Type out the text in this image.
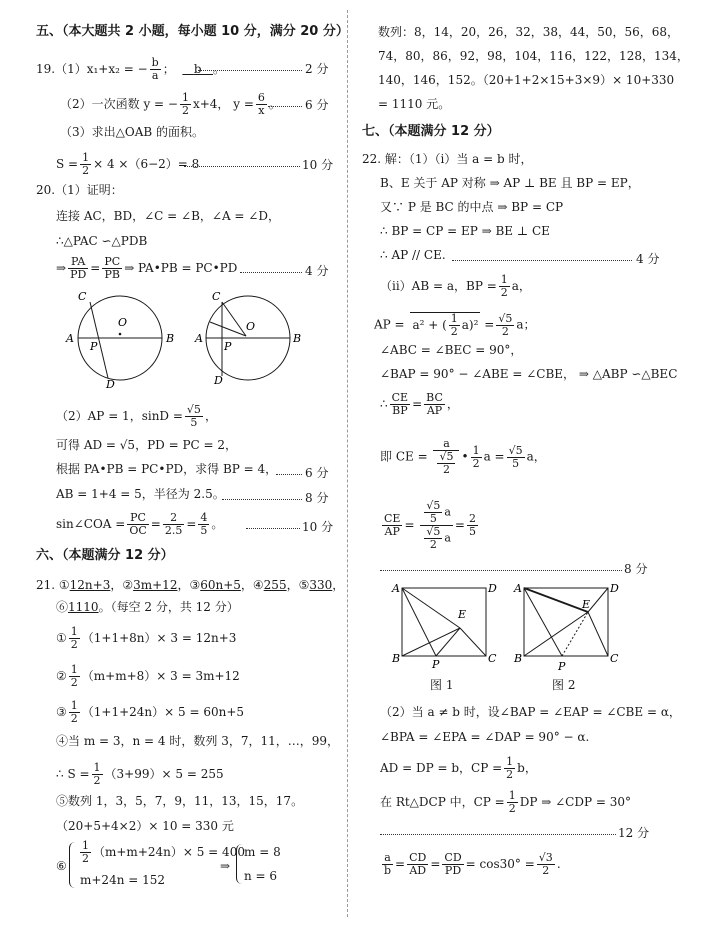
五、（本大题共 2 小题，每小题 10 分，满分 20 分）
19.（1）x₁+x₂ = − $\frac{b}{a}$ ； b 。	2 分
（2）一次函数 y = − $\frac{1}{2} x+4$， $y = \frac{6}{x}$ 。 6 分
（3）求出△OAB 的面积。
$S = \frac{1}{2} \times 4 \times(6-2)= 8$	10 分
20.（1）证明：
连接 AC，BD，∠C = ∠B，∠A = ∠D，
∴△PAC ∽△PDB
⇒ $\frac{PA}{PD} = \frac{PC}{PB}$ ⇒ PA•PB = PC•PD	4 分
C
A	B
D
O
P
C
A	B
D
O
P
（2）AP = 1，$\sin D = \frac{√5}{5}$ ，
可得 AD = √5，PD = PC = 2，
根据 PA•PB = PC•PD，求得 BP = 4， 6 分
AB = 1+4 = 5，半径为 2.5。	8 分
sin∠COA = $\frac{PC}{OC} = \frac{2}{2.5} = \frac{4}{5}$ 。	10 分
六、（本题满分 12 分）
21. ①12n+3，②3m+12，③60n+5，④255，⑤330，
⑥1110。（每空 2 分，共 12 分）
① $\frac{1}{2} (1+1+8n)\times 3 = 12n+3$
② $\frac{1}{2} (m+m+8)\times 3 = 3m+12$
③ $\frac{1}{2} (1+1+24n)\times 5 = 60n+5$
④当 m = 3，n = 4 时，数列 3，7，11，…，99，
∴ $S = \frac{1}{2} (3+99)\times 5 = 255$
⑤数列 1，3，5，7，9，11，13，15，17。
（20+5+4×2）× 10 = 330 元
⑥
$\frac{1}{2} (m+m+24n)\times 5 = 400$
m+24n = 152
⇒
m = 8
n = 6
数列：8，14，20，26，32，38，44，50，56，68，
74，80，86，92，98，104，116，122，128，134，
140，146，152。（20+1+2×15+3×9）× 10+330
= 1110 元。
七、（本题满分 12 分）
22. 解：（1）（i）当 a = b 时，
B、E 关于 AP 对称 ⇒ AP ⊥ BE 且 BP = EP，
又∵ P 是 BC 的中点 ⇒ BP = CP
∴ BP = CP = EP ⇒ BE ⊥ CE
∴ AP // CE.	4 分
（ii）AB = a，BP = $\frac{1}{2}$ a，
AP = a² + ( $\frac{1}{2} a)^2 = \frac{√5}{2}$ a；
∠ABC = ∠BEC = 90°，
∠BAP = 90° − ∠ABE = ∠CBE， ⇒ △ABP ∽△BEC
∴ $\frac{CE}{BP} = \frac{BC}{AP}$ ，
即 CE = $\frac{a}{\frac{√5}{2}}$ • $\frac{1}{2}$ $a = \frac{√5}{5}$ a，
$\frac{CE}{AP} = \frac{\frac{√5}{5} a}{\frac{√5}{2} a} = \frac{2}{5}$
8 分
A	D
B	C
E
P
A	D
B	C
E
P
图 1	图 2
（2）当 a ≠ b 时，设∠BAP = ∠EAP = ∠CBE = α，
∠BPA = ∠EPA = ∠DAP = 90° − α.
AD = DP = b，CP = $\frac{1}{2}$ b，
在 Rt△DCP 中，CP = $\frac{1}{2}$ DP ⇒ ∠CDP = 30°
12 分
$\frac{a}{b} = \frac{CD}{AD} = \frac{CD}{PD} = \cos 30^\circ = \frac{√3}{2}$ .
